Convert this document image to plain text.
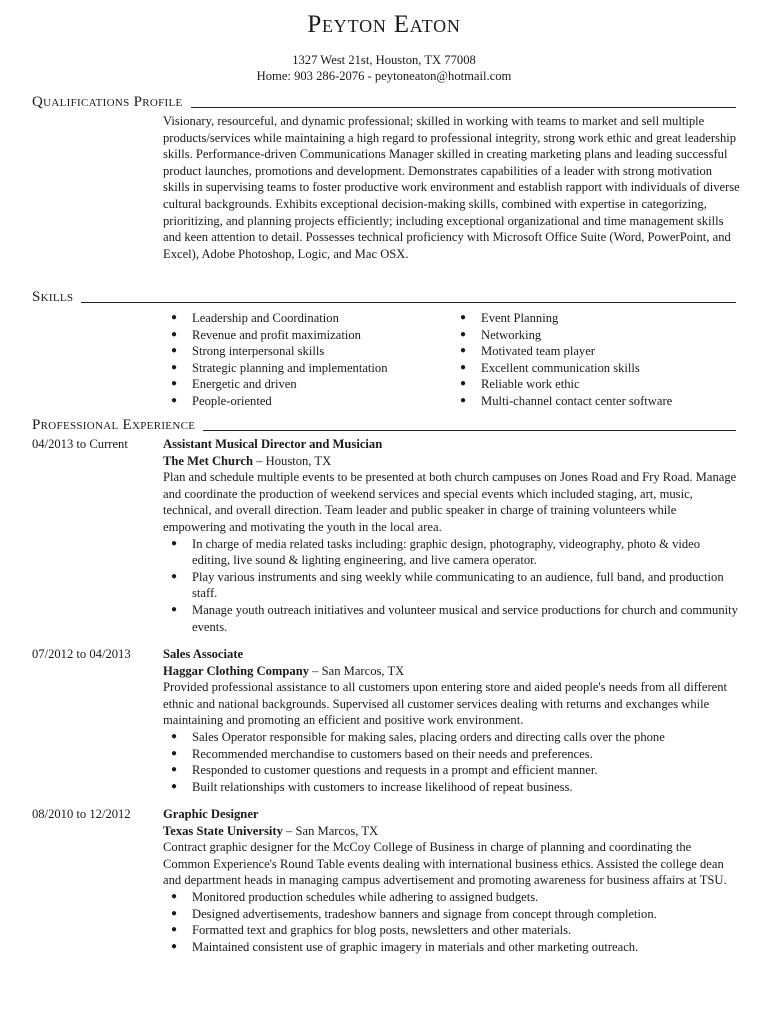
Peyton Eaton
1327 West 21st, Houston, TX 77008
Home: 903 286-2076 - peytoneaton@hotmail.com
Qualifications Profile

Visionary, resourceful, and dynamic professional; skilled in working with teams to market and sell multiple products/services while maintaining a high regard to professional integrity, strong work ethic and great leadership skills. Performance-driven Communications Manager skilled in creating marketing plans and leading successful product launches, promotions and development. Demonstrates capabilities of a leader with strong motivation skills in supervising teams to foster productive work environment and establish rapport with individuals of diverse cultural backgrounds. Exhibits exceptional decision-making skills, combined with expertise in categorizing, prioritizing, and planning projects efficiently; including exceptional organizational and time management skills and keen attention to detail. Possesses technical proficiency with Microsoft Office Suite (Word, PowerPoint, and Excel), Adobe Photoshop, Logic, and Mac OSX.

Skills
● Leadership and Coordination
● Revenue and profit maximization
● Strong interpersonal skills
● Strategic planning and implementation
● Energetic and driven
● People-oriented
● Event Planning
● Networking
● Motivated team player
● Excellent communication skills
● Reliable work ethic
● Multi-channel contact center software
Professional Experience
04/2013 to Current	Assistant Musical Director and Musician
The Met Church – Houston, TX

Plan and schedule multiple events to be presented at both church campuses on Jones Road and Fry Road. Manage and coordinate the production of weekend services and special events which included staging, art, music, technical, and overall direction. Team leader and public speaker in charge of training volunteers while empowering and motivating the youth in the local area.

● In charge of media related tasks including: graphic design, photography, videography, photo & video editing, live sound & lighting engineering, and live camera operator.
● Play various instruments and sing weekly while communicating to an audience, full band, and production staff.
● Manage youth outreach initiatives and volunteer musical and service productions for church and community events.
07/2012 to 04/2013	Sales Associate
Haggar Clothing Company – San Marcos, TX

Provided professional assistance to all customers upon entering store and aided people's needs from all different ethnic and national backgrounds. Supervised all customer services dealing with returns and exchanges while maintaining and promoting an efficient and positive work environment.

● Sales Operator responsible for making sales, placing orders and directing calls over the phone
● Recommended merchandise to customers based on their needs and preferences.
● Responded to customer questions and requests in a prompt and efficient manner.
● Built relationships with customers to increase likelihood of repeat business.
08/2010 to 12/2012	Graphic Designer
Texas State University – San Marcos, TX

Contract graphic designer for the McCoy College of Business in charge of planning and coordinating the Common Experience's Round Table events dealing with international business ethics. Assisted the college dean and department heads in managing campus advertisement and promoting awareness for business affairs at TSU.

● Monitored production schedules while adhering to assigned budgets.
● Designed advertisements, tradeshow banners and signage from concept through completion.
● Formatted text and graphics for blog posts, newsletters and other materials.
● Maintained consistent use of graphic imagery in materials and other marketing outreach.
